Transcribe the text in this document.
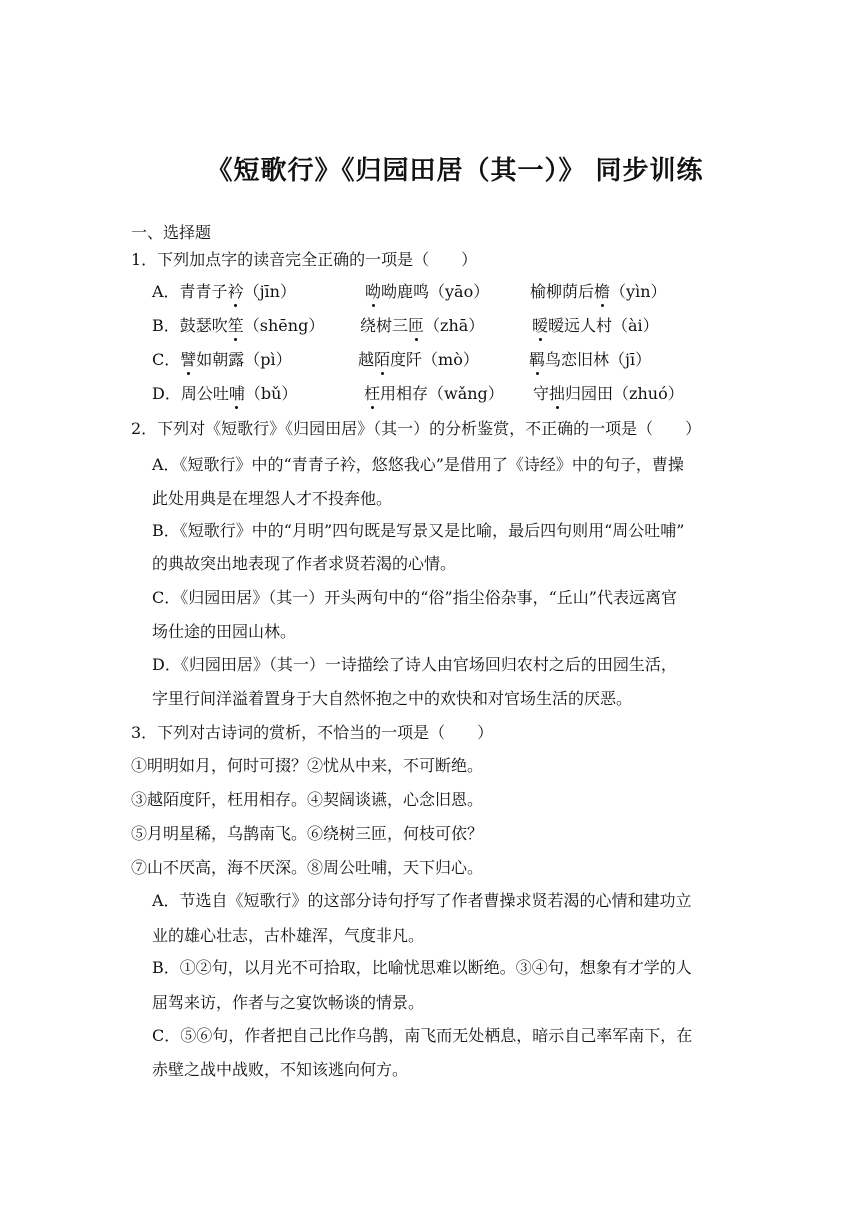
《短歌行》《归园田居（其一）》 同步训练
一、选择题
1．下列加点字的读音完全正确的一项是（　　）
A．青青子衿（jīn）	呦呦鹿鸣（yāo）	榆柳荫后檐（yìn）
B．鼓瑟吹笙（shēng） 绕树三匝（zhā）	暧暧远人村（ài）
C．譬如朝露（pì）	越陌度阡（mò）	羁鸟恋旧林（jī）
D．周公吐哺（bǔ）	枉用相存（wǎng） 守拙归园田（zhuó）
2．下列对《短歌行》《归园田居》（其一）的分析鉴赏，不正确的一项是（　　）
A．《短歌行》中的“青青子衿，悠悠我心”是借用了《诗经》中的句子，曹操
此处用典是在埋怨人才不投奔他。
B．《短歌行》中的“月明”四句既是写景又是比喻，最后四句则用“周公吐哺”
的典故突出地表现了作者求贤若渴的心情。
C．《归园田居》（其一）开头两句中的“俗”指尘俗杂事，“丘山”代表远离官
场仕途的田园山林。
D．《归园田居》（其一）一诗描绘了诗人由官场回归农村之后的田园生活，
字里行间洋溢着置身于大自然怀抱之中的欢快和对官场生活的厌恶。
3．下列对古诗词的赏析，不恰当的一项是（　　）
①明明如月，何时可掇？②忧从中来，不可断绝。
③越陌度阡，枉用相存。④契阔谈䜩，心念旧恩。
⑤月明星稀，乌鹊南飞。⑥绕树三匝，何枝可依？
⑦山不厌高，海不厌深。⑧周公吐哺，天下归心。
A．节选自《短歌行》的这部分诗句抒写了作者曹操求贤若渴的心情和建功立
业的雄心壮志，古朴雄浑，气度非凡。
B．①②句，以月光不可拾取，比喻忧思难以断绝。③④句，想象有才学的人
屈驾来访，作者与之宴饮畅谈的情景。
C．⑤⑥句，作者把自己比作乌鹊，南飞而无处栖息，暗示自己率军南下，在
赤壁之战中战败，不知该逃向何方。
